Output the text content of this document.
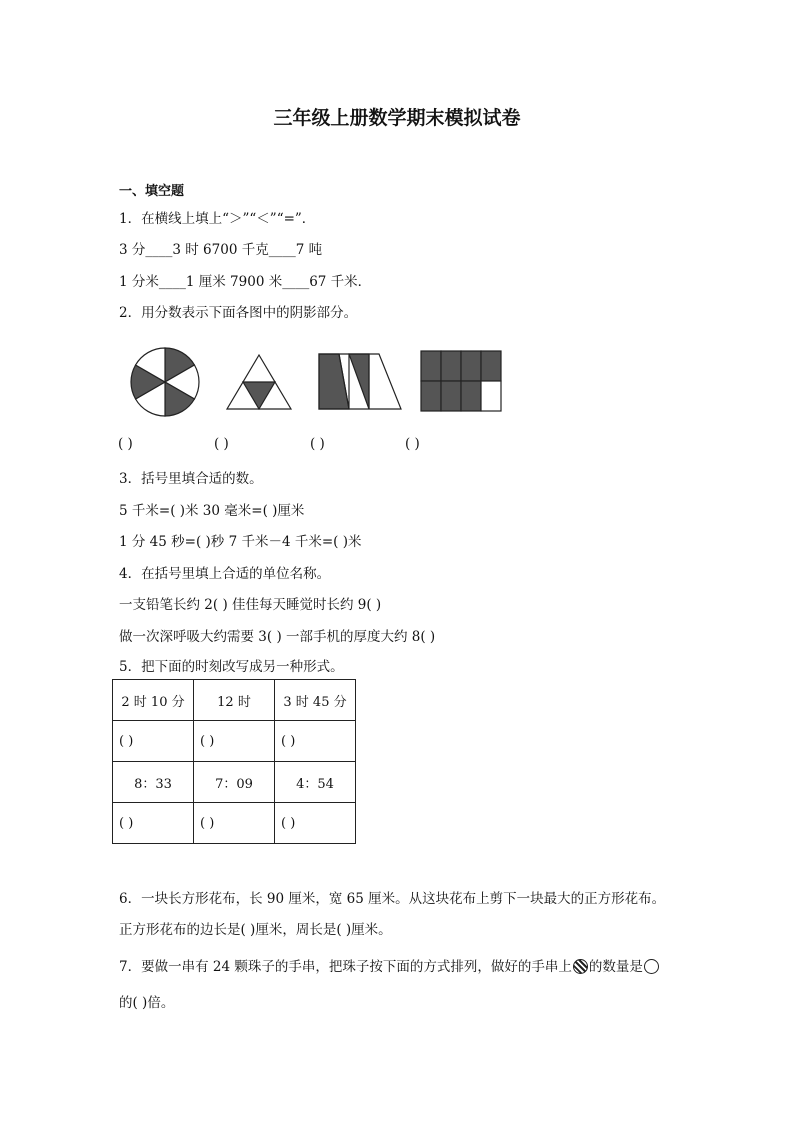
三年级上册数学期末模拟试卷
一、填空题
1．在横线上填上“＞”“＜”“=”．
3 分____3 时 6700 千克____7 吨
1 分米____1 厘米 7900 米____67 千米．
2．用分数表示下面各图中的阴影部分。
( )	( )	( )	( )
3．括号里填合适的数。
5 千米=( )米 30 毫米=( )厘米
1 分 45 秒=( )秒 7 千米－4 千米=( )米
4．在括号里填上合适的单位名称。
一支铅笔长约 2( ) 佳佳每天睡觉时长约 9( )
做一次深呼吸大约需要 3( ) 一部手机的厚度大约 8( )
5．把下面的时刻改写成另一种形式。
2 时 10 分	12 时	3 时 45 分
( )	( )	( )
8：33	7：09	4：54
( )	( )	( )
6．一块长方形花布，长 90 厘米，宽 65 厘米。从这块花布上剪下一块最大的正方形花布。
正方形花布的边长是( )厘米，周长是( )厘米。
7．要做一串有 24 颗珠子的手串，把珠子按下面的方式排列，做好的手串上 的数量是
的( )倍。
